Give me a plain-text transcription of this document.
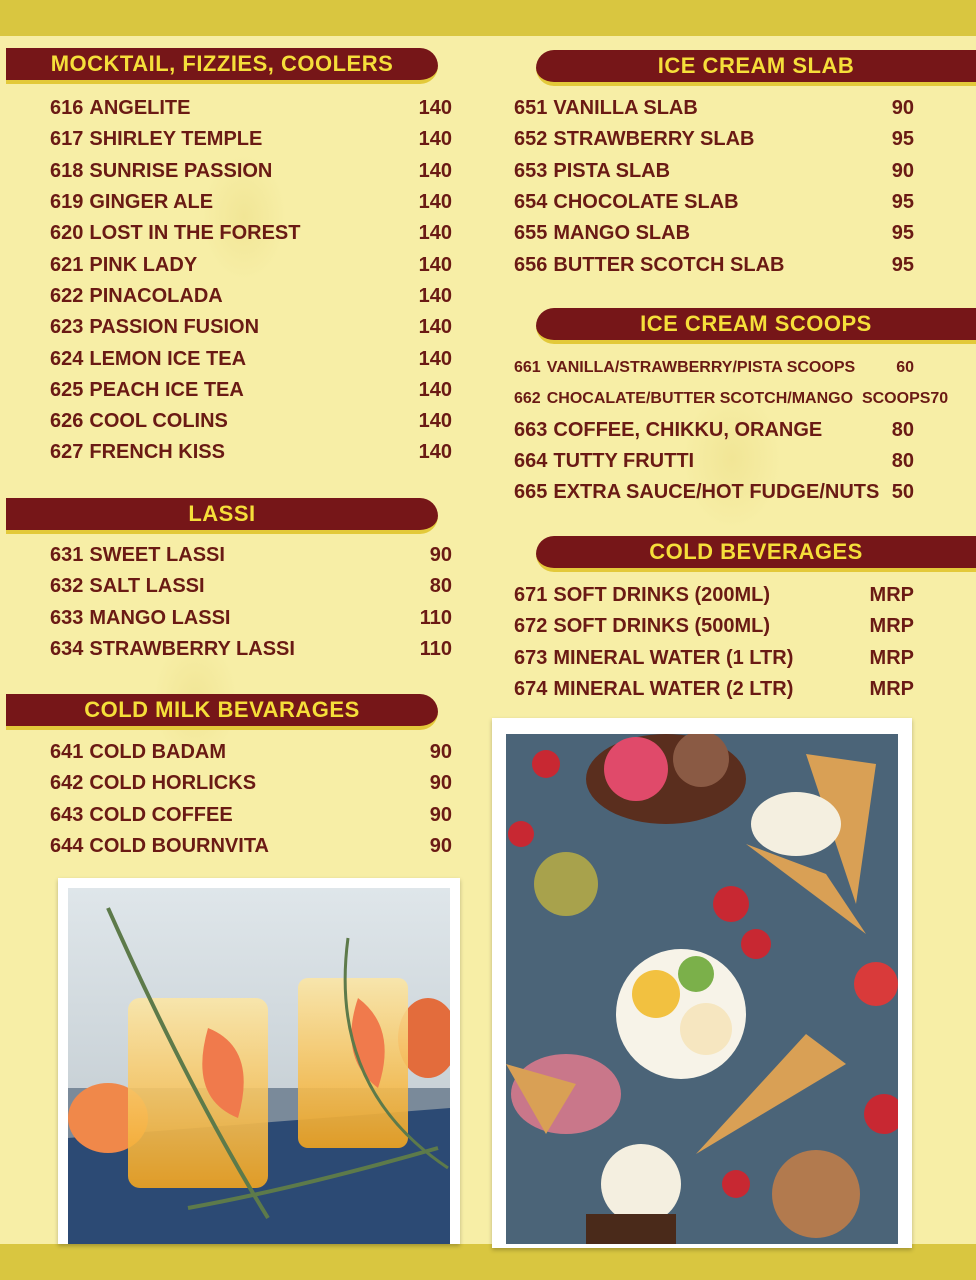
MOCKTAIL, FIZZIES, COOLERS
616 ANGELITE	140
617 SHIRLEY TEMPLE	140
618 SUNRISE PASSION	140
619 GINGER ALE	140
620 LOST IN THE FOREST	140
621 PINK LADY	140
622 PINACOLADA	140
623 PASSION FUSION	140
624 LEMON ICE TEA	140
625 PEACH ICE TEA	140
626 COOL COLINS	140
627 FRENCH KISS	140
LASSI
631 SWEET LASSI	90
632 SALT LASSI	80
633 MANGO LASSI	110
634 STRAWBERRY LASSI	110
COLD MILK BEVARAGES
641 COLD BADAM	90
642 COLD HORLICKS	90
643 COLD COFFEE	90
644 COLD BOURNVITA	90
ICE CREAM SLAB
651 VANILLA SLAB	90
652 STRAWBERRY SLAB	95
653 PISTA SLAB	90
654 CHOCOLATE SLAB	95
655 MANGO SLAB	95
656 BUTTER SCOTCH SLAB	95
ICE CREAM SCOOPS
661 VANILLA/STRAWBERRY/PISTA SCOOPS	60
662 CHOCALATE/BUTTER SCOTCH/MANGO  SCOOPS 70
663 COFFEE, CHIKKU, ORANGE	80
664 TUTTY FRUTTI	80
665 EXTRA SAUCE/HOT FUDGE/NUTS 50
COLD BEVERAGES
671 SOFT DRINKS (200ML)	MRP
672 SOFT DRINKS (500ML)	MRP
673 MINERAL WATER (1 LTR)	MRP
674 MINERAL WATER (2 LTR)	MRP
